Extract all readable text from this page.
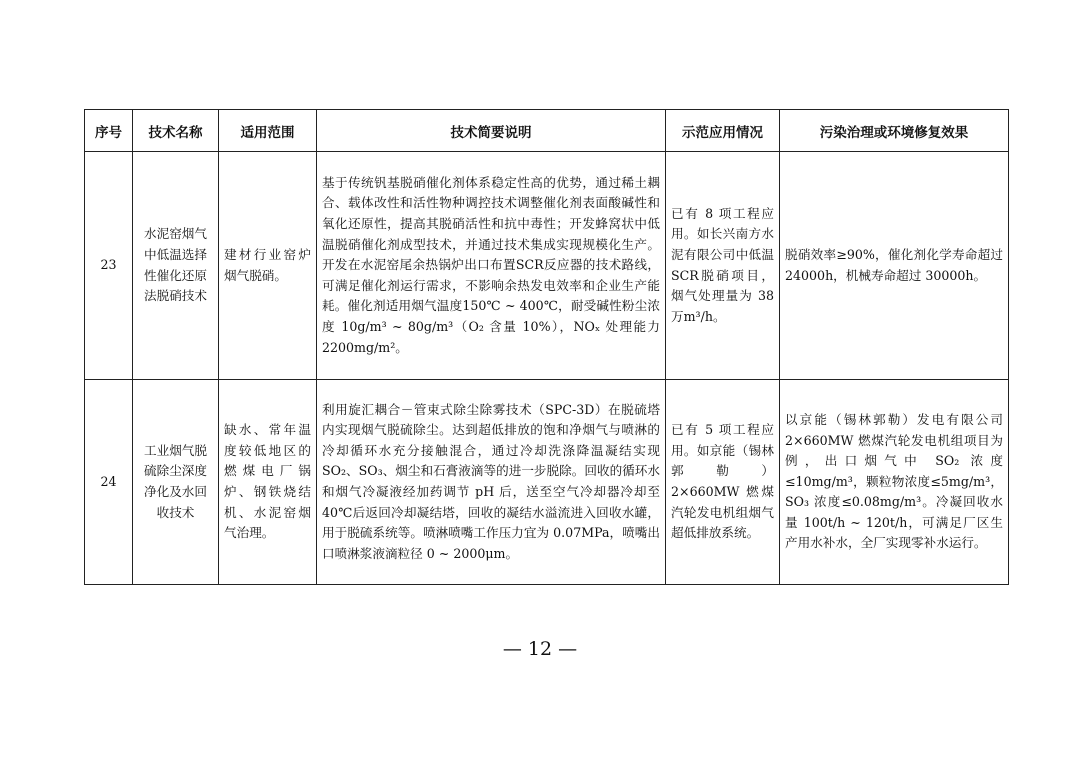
序号	技术名称	适用范围	技术简要说明	示范应用情况	污染治理或环境修复效果
23	水泥窑烟气中低温选择性催化还原法脱硝技术	建材行业窑炉烟气脱硝。	基于传统钒基脱硝催化剂体系稳定性高的优势，通过稀土耦合、载体改性和活性物种调控技术调整催化剂表面酸碱性和氧化还原性，提高其脱硝活性和抗中毒性；开发蜂窝状中低温脱硝催化剂成型技术，并通过技术集成实现规模化生产。开发在水泥窑尾余热锅炉出口布置SCR反应器的技术路线，可满足催化剂运行需求，不影响余热发电效率和企业生产能耗。催化剂适用烟气温度150℃ ~ 400℃，耐受碱性粉尘浓度 10g/m³ ~ 80g/m³（O₂ 含量 10%），NOₓ 处理能力 2200mg/m²。	已有 8 项工程应用。如长兴南方水泥有限公司中低温SCR脱硝项目，烟气处理量为 38 万m³/h。	脱硝效率≥90%，催化剂化学寿命超过 24000h，机械寿命超过 30000h。
24	工业烟气脱硫除尘深度净化及水回收技术	缺水、常年温度较低地区的燃煤电厂锅炉、钢铁烧结机、水泥窑烟气治理。	利用旋汇耦合－管束式除尘除雾技术（SPC-3D）在脱硫塔内实现烟气脱硫除尘。达到超低排放的饱和净烟气与喷淋的冷却循环水充分接触混合，通过冷却洗涤降温凝结实现 SO₂、SO₃、烟尘和石膏液滴等的进一步脱除。回收的循环水和烟气冷凝液经加药调节 pH 后，送至空气冷却器冷却至 40℃后返回冷却凝结塔，回收的凝结水溢流进入回收水罐，用于脱硫系统等。喷淋喷嘴工作压力宜为 0.07MPa，喷嘴出口喷淋浆液滴粒径 0 ~ 2000μm。	已有 5 项工程应用。如京能（锡林郭勒）2×660MW 燃煤汽轮发电机组烟气超低排放系统。	以京能（锡林郭勒）发电有限公司 2×660MW 燃煤汽轮发电机组项目为例，出口烟气中 SO₂ 浓度≤10mg/m³，颗粒物浓度≤5mg/m³，SO₃ 浓度≤0.08mg/m³。冷凝回收水量 100t/h ~ 120t/h，可满足厂区生产用水补水，全厂实现零补水运行。
— 12 —
